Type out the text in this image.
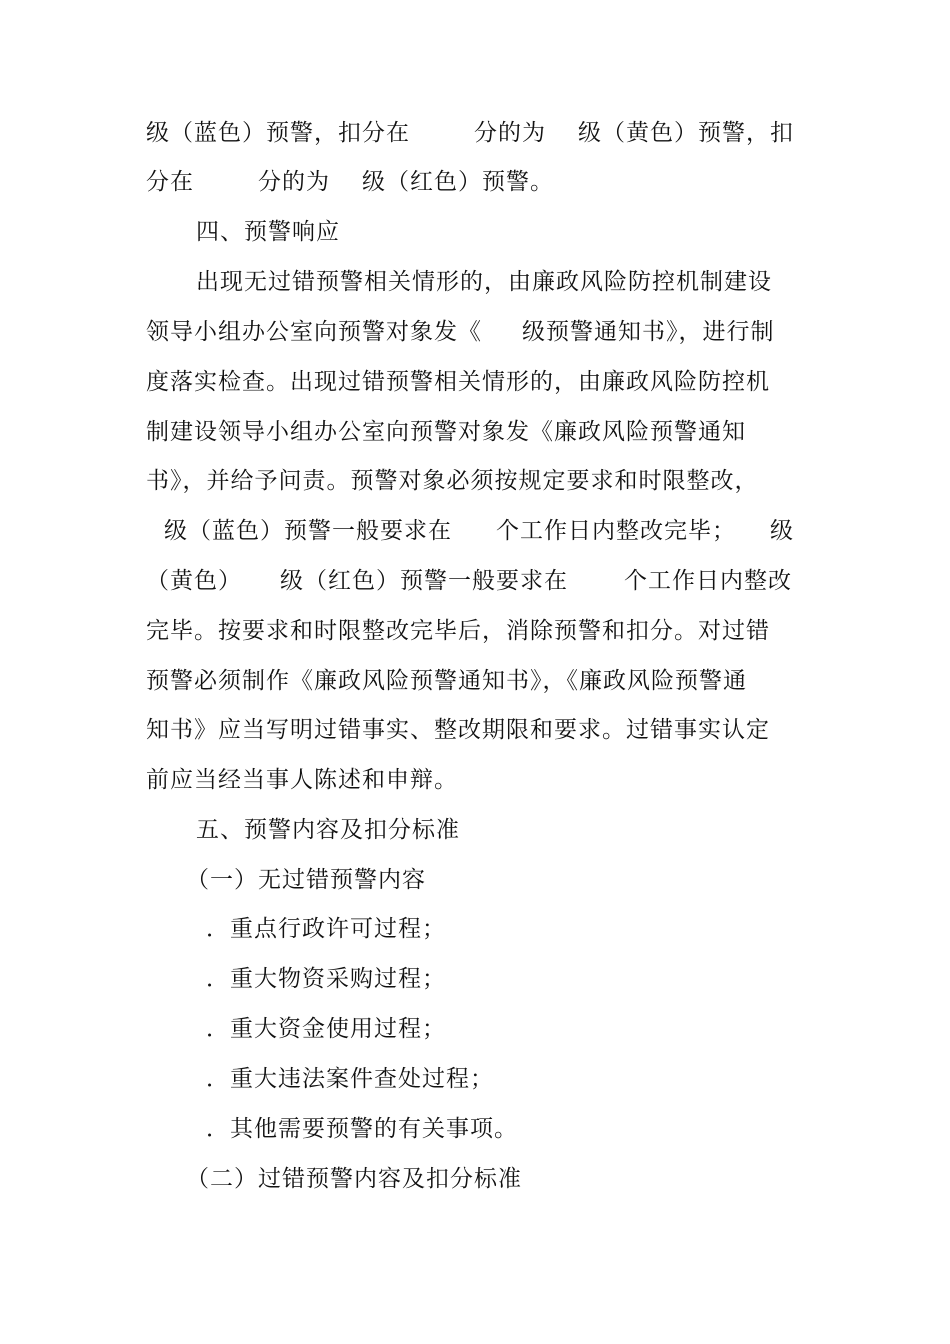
级（蓝色）预警，扣分在

	分的为

级（黄色）预警，扣

分在

	分的为

级（红色）预警。

四、预警响应

出现无过错预警相关情形的，由廉政风险防控机制建设

领导小组办公室向预警对象发《

级预警通知书》，进行制

度落实检查。出现过错预警相关情形的，由廉政风险防控机

制建设领导小组办公室向预警对象发《廉政风险预警通知

书》，并给予问责。预警对象必须按规定要求和时限整改，

级（蓝色）预警一般要求在

个工作日内整改完毕；

级

（黄色）

级（红色）预警一般要求在

个工作日内整改

完毕。按要求和时限整改完毕后，消除预警和扣分。对过错

预警必须制作《廉政风险预警通知书》，《廉政风险预警通

知书》应当写明过错事实、整改期限和要求。过错事实认定

前应当经当事人陈述和申辩。

五、预警内容及扣分标准

（一）无过错预警内容

．重点行政许可过程；

．重大物资采购过程；

．重大资金使用过程；

．重大违法案件查处过程；

．其他需要预警的有关事项。

（二）过错预警内容及扣分标准
